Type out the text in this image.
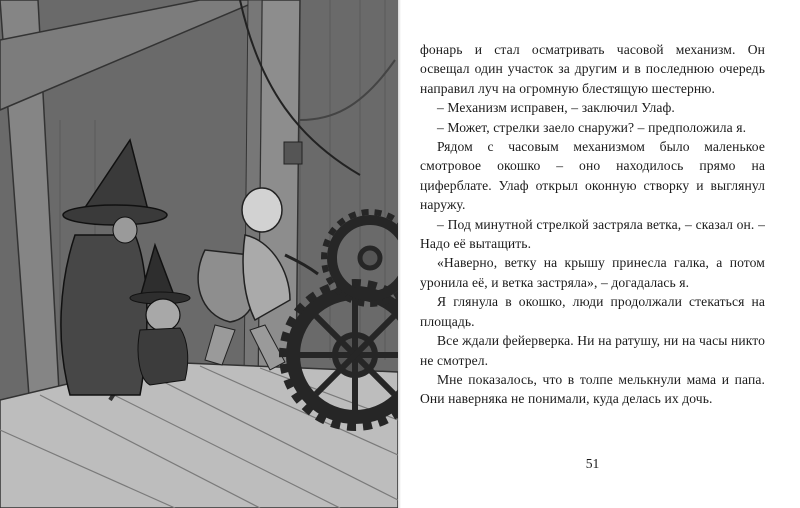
фонарь и стал осматривать часовой механизм. Он освещал один участок за другим и в последнюю очередь направил луч на огромную блестящую шестерню.

– Механизм исправен, – заключил Улаф.

– Может, стрелки заело снаружи? – предположила я.

Рядом с часовым механизмом было маленькое смотровое окошко – оно находилось прямо на циферблате. Улаф открыл оконную створку и выглянул наружу.

– Под минутной стрелкой застряла ветка, – сказал он. – Надо её вытащить.

«Наверно, ветку на крышу принесла галка, а потом уронила её, и ветка застряла», – догадалась я.

Я глянула в окошко, люди продолжали стекаться на площадь.

Все ждали фейерверка. Ни на ратушу, ни на часы никто не смотрел.

Мне показалось, что в толпе мелькнули мама и папа. Они наверняка не понимали, куда делась их дочь.

51
